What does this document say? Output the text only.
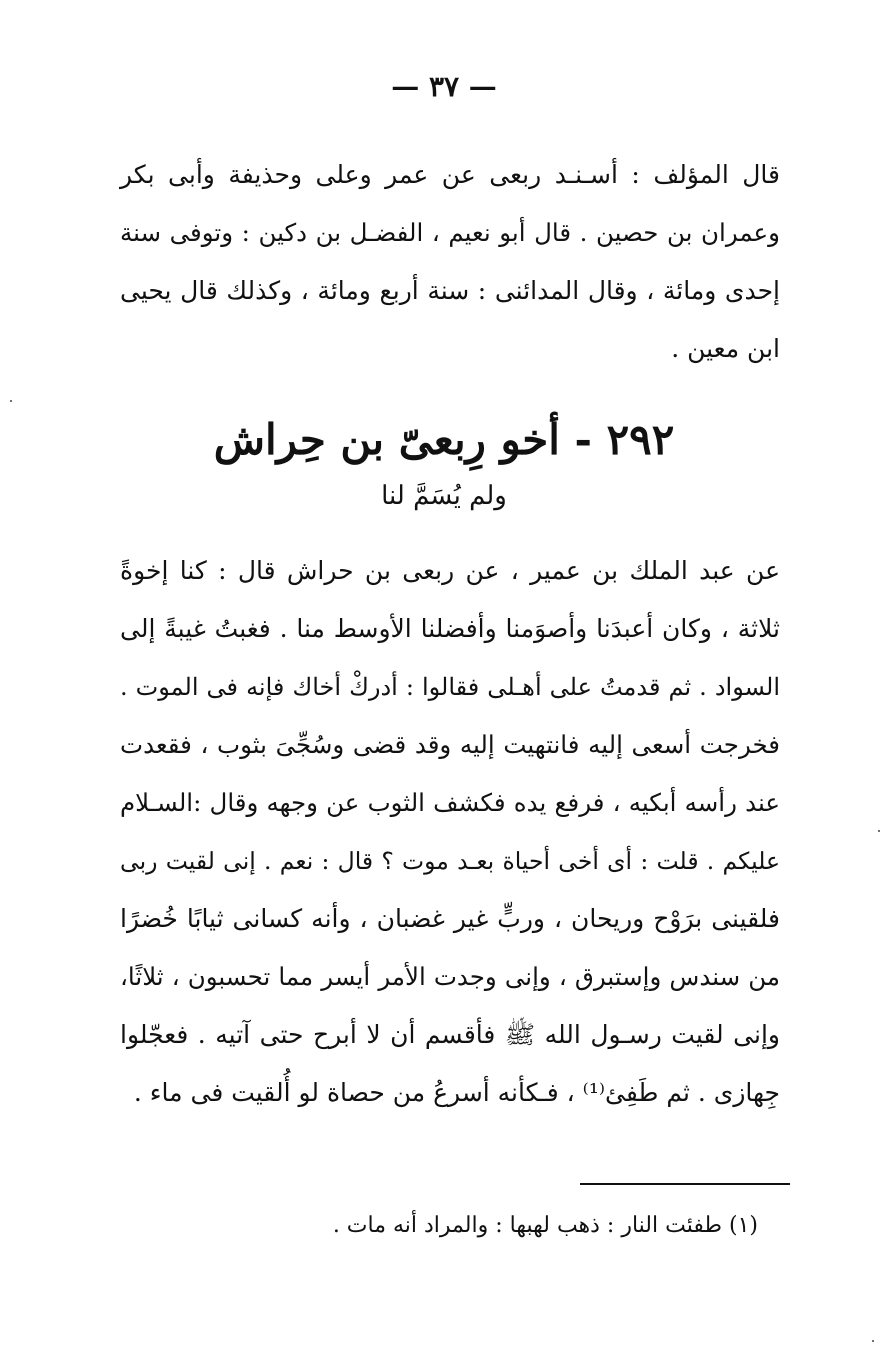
— ٣٧ —
قال المؤلف : أسـنـد ربعى عن عمر وعلى وحذيفة وأبى بكر
وعمران بن حصين . قال أبو نعيم ، الفضـل بن دكين : وتوفى سنة
إحدى ومائة ، وقال المدائنى : سنة أربع ومائة ، وكذلك قال يحيى
ابن معين .
٢٩٢ - أخو رِبعىّ بن حِراش
ولم يُسَمَّ لنا
عن عبد الملك بن عمير ، عن ربعى بن حراش قال : كنا إخوةً
ثلاثة ، وكان أعبدَنا وأصوَمنا وأفضلنا الأوسط منا . فغبتُ غيبةً إلى
السواد . ثم قدمتُ على أهـلى فقالوا : أدركْ أخاك فإنه فى الموت .
فخرجت أسعى إليه فانتهيت إليه وقد قضى وسُجِّىَ بثوب ، فقعدت
عند رأسه أبكيه ، فرفع يده فكشف الثوب عن وجهه وقال :السـلام
عليكم . قلت : أى أخى أحياة بعـد موت ؟ قال : نعم . إنى لقيت ربى
فلقينى برَوْح وريحان ، وربٍّ غير غضبان ، وأنه كسانى ثيابًا خُضرًا
من سندس وإستبرق ، وإنى وجدت الأمر أيسر مما تحسبون ، ثلاثًا،
وإنى لقيت رسـول الله ﷺ فأقسم أن لا أبرح حتى آتيه . فعجّلوا
جِهازى . ثم طَفِئ⁽¹⁾ ، فـكأنه أسرعُ من حصاة لو أُلقيت فى ماء .
(١) طفئت النار : ذهب لهبها : والمراد أنه مات .
